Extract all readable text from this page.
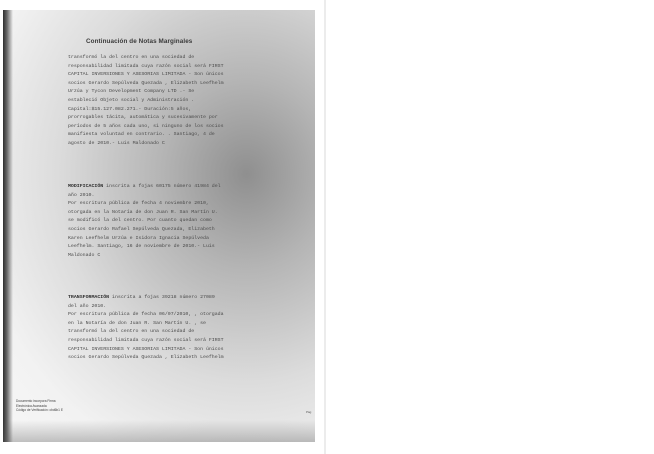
Continuación de Notas Marginales

transformó la del centro en una sociedad de

responsabilidad limitada cuya razón social será FIRST

CAPITAL INVERSIONES Y ASESORIAS LIMITADA - Son únicos

socios Gerardo Sepúlveda Quezada , Elizabeth Leefhelm

Urzúa y Tycon Development Company LTD .- Se

estableció Objeto social y Administración .

Capital:$15.127.082.271.- Duración:5 años,

prorrogables tácita, automática y sucesivamente por

períodos de 5 años cada uno, si ninguno de los socios

manifiesta voluntad en contrario. . Santiago, 4 de

agosto de 2010.- Luis Maldonado C

MODIFICACIÓN inscrita a fojas 60175 número 41984 del

año 2010.

Por escritura pública de fecha 4 noviembre 2010,

otorgada en la Notaría de don Juan R. San Martín U.

se modificó la del centro. Por cuanto quedan como

socios Gerardo Rafael Sepúlveda Quezada, Elizabeth

Karen Leefhelm Urzúa e Isidora Ignacia Sepúlveda

Leefhelm. Santiago, 16 de noviembre de 2010.- Luis

Maldonado C

TRANSFORMACIÓN inscrita a fojas 39218 número 27089

del año 2010.

Por escritura pública de fecha 06/07/2010, , otorgada

en la Notaría de don Juan R. San Martín U. , se

transformó la del centro en una sociedad de

responsabilidad limitada cuya razón social será FIRST

CAPITAL INVERSIONES Y ASESORIAS LIMITADA - Son únicos

socios Gerardo Sepúlveda Quezada , Elizabeth Leefhelm

Documento incorpora Firma
Electrónica Avanzada
Código de Verificación: cbd6b1 E	Pág
